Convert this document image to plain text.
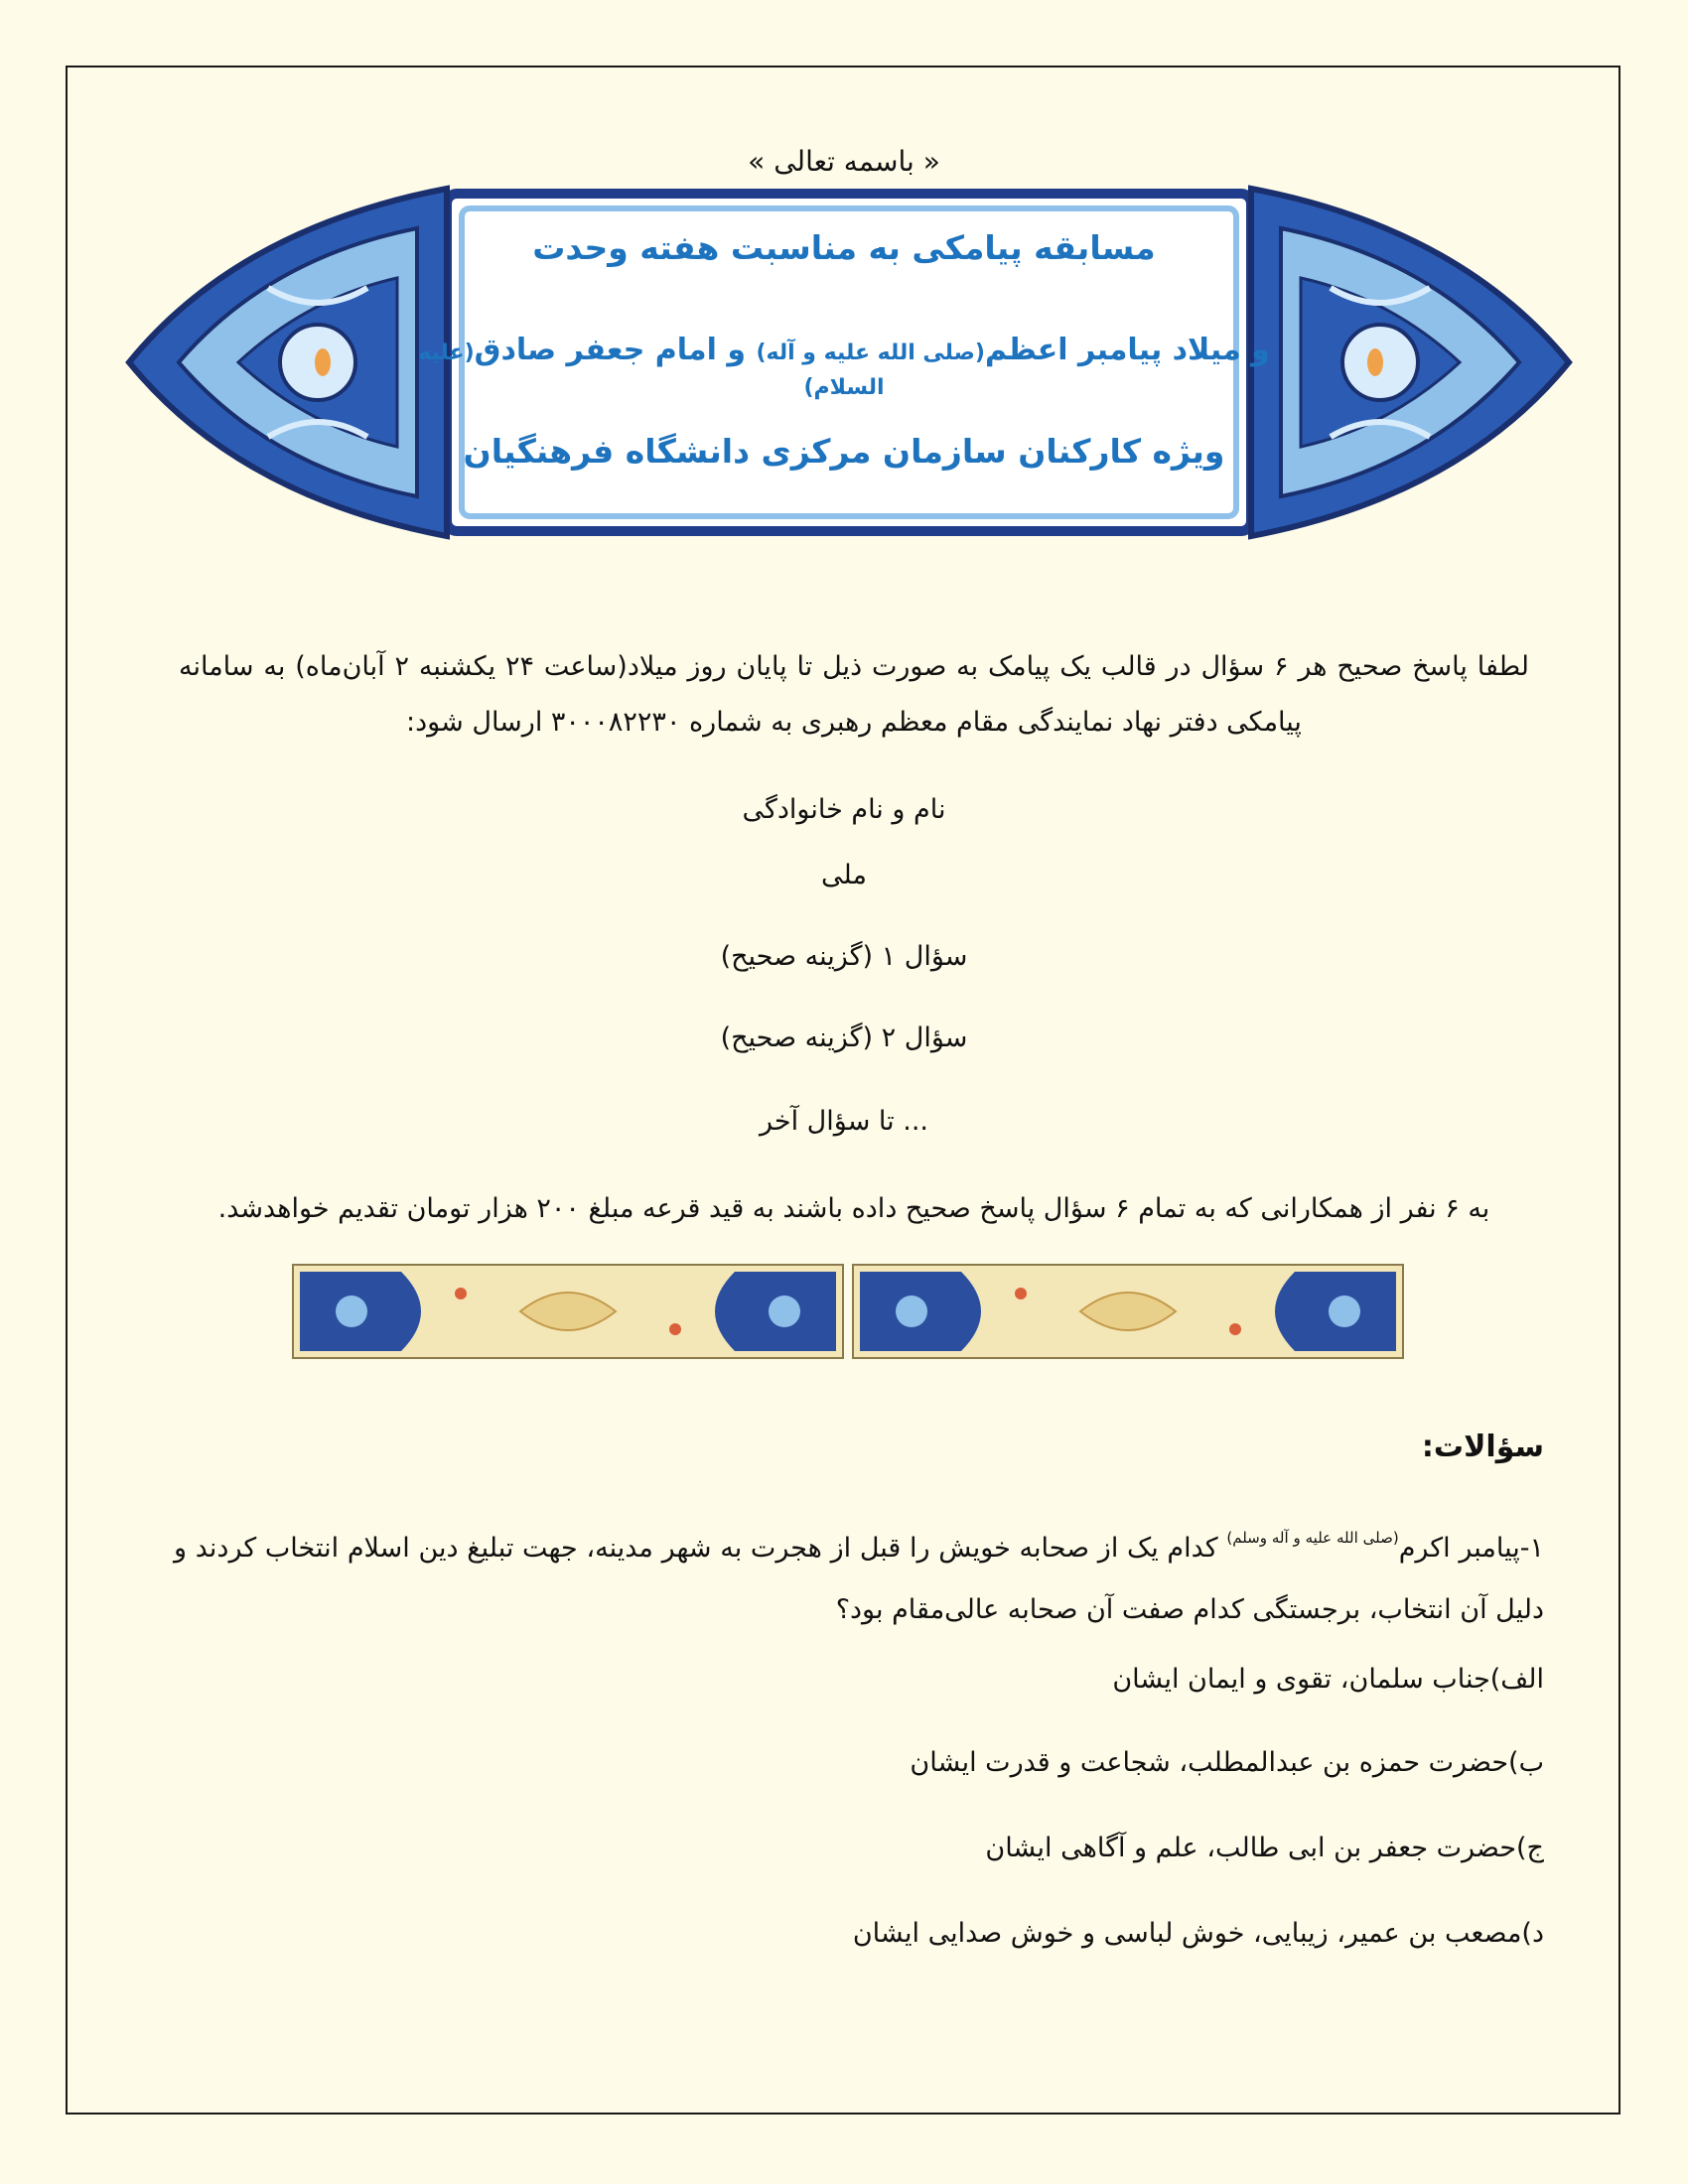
« باسمه تعالی »
مسابقه پیامکی به مناسبت هفته وحدت
و میلاد پیامبر اعظم(صلی الله علیه و آله) و امام جعفر صادق(علیه السلام)
ویژه کارکنان سازمان مرکزی دانشگاه فرهنگیان
لطفا پاسخ صحیح هر ۶ سؤال در قالب یک پیامک به صورت ذیل تا پایان روز میلاد(ساعت ۲۴ یکشنبه ۲ آبان‌ماه) به سامانه پیامکی دفتر نهاد نمایندگی مقام معظم رهبری به شماره ۳۰۰۰۸۲۲۳۰ ارسال شود:
نام و نام خانوادگی
ملی
سؤال ۱ (گزینه صحیح)
سؤال ۲ (گزینه صحیح)
... تا سؤال آخر
به ۶ نفر از همکارانی که به تمام ۶ سؤال پاسخ صحیح داده باشند به قید قرعه مبلغ ۲۰۰ هزار تومان تقدیم خواهدشد.
سؤالات:
۱-پیامبر اکرم$^{(صلی الله علیه و آله وسلم)}$ کدام یک از صحابه خویش را قبل از هجرت به شهر مدینه، جهت تبلیغ دین اسلام انتخاب کردند و دلیل آن انتخاب، برجستگی کدام صفت آن صحابه عالی‌مقام بود؟
الف)جناب سلمان، تقوی و ایمان ایشان
ب)حضرت حمزه بن عبدالمطلب، شجاعت و قدرت ایشان
ج)حضرت جعفر بن ابی طالب، علم و آگاهی ایشان
د)مصعب بن عمیر، زیبایی، خوش لباسی و خوش صدایی ایشان
